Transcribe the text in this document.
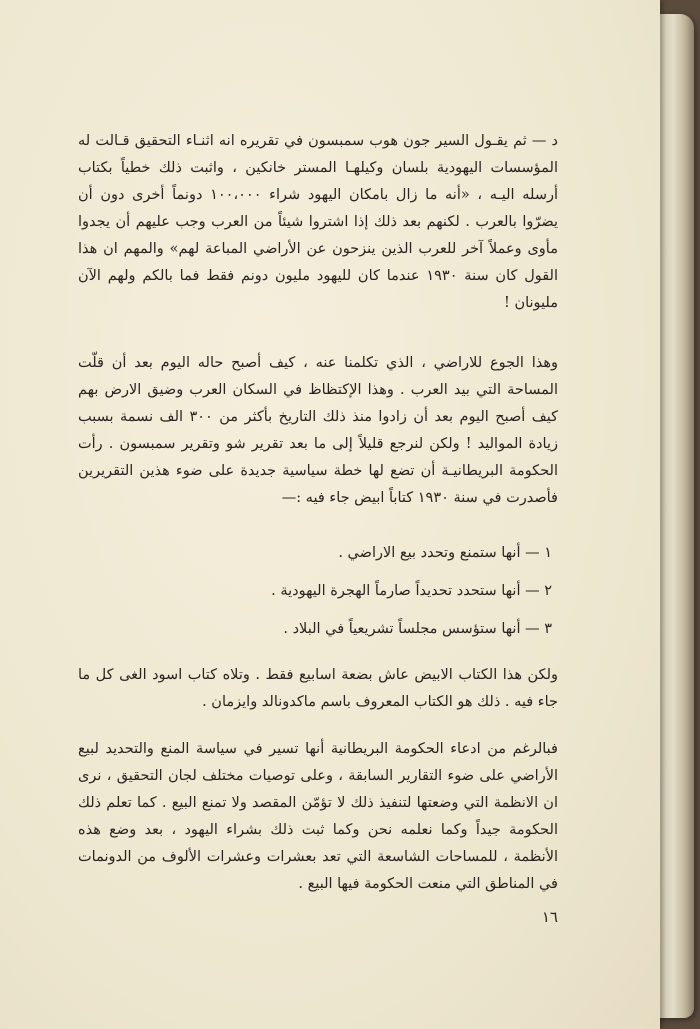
د — ثم يقـول السير جون هوب سمبسون في تقريره انه اثنـاء التحقيق قـالت له المؤسسات اليهودية بلسان وكيلهـا المستر خانكين ، واثبت ذلك خطياً بكتاب أرسله اليـه ، «أنه ما زال بامكان اليهود شراء ١٠٠،٠٠٠ دونماً أخرى دون أن يضرّوا بالعرب . لكنهم بعد ذلك إذا اشتروا شيئاً من العرب وجب عليهم أن يجدوا مأوى وعملاً آخر للعرب الذين ينزحون عن الأراضي المباعة لهم» والمهم ان هذا القول كان سنة ١٩٣٠ عندما كان لليهود مليون دونم فقط فما بالكم ولهم الآن مليونان !

وهذا الجوع للاراضي ، الذي تكلمنا عنه ، كيف أصبح حاله اليوم بعد أن قلّت المساحة التي بيد العرب . وهذا الإكتظاظ في السكان العرب وضيق الارض بهم كيف أصبح اليوم بعد أن زادوا منذ ذلك التاريخ بأكثر من ٣٠٠ الف نسمة بسبب زيادة المواليد ! ولكن لنرجع قليلاً إلى ما بعد تقرير شو وتقرير سمبسون . رأت الحكومة البريطانيـة أن تضع لها خطة سياسية جديدة على ضوء هذين التقريرين فأصدرت في سنة ١٩٣٠ كتاباً ابيض جاء فيه :—

١ — أنها ستمنع وتحدد بيع الاراضي .
٢ — أنها ستحدد تحديداً صارماً الهجرة اليهودية .
٣ — أنها ستؤسس مجلساً تشريعياً في البلاد .

ولكن هذا الكتاب الابيض عاش بضعة اسابيع فقط . وتلاه كتاب اسود الغى كل ما جاء فيه . ذلك هو الكتاب المعروف باسم ماكدونالد وايزمان .

فبالرغم من ادعاء الحكومة البريطانية أنها تسير في سياسة المنع والتحديد لبيع الأراضي على ضوء التقارير السابقة ، وعلى توصيات مختلف لجان التحقيق ، نرى ان الانظمة التي وضعتها لتنفيذ ذلك لا تؤمّن المقصد ولا تمنع البيع . كما تعلم ذلك الحكومة جيداً وكما نعلمه نحن وكما ثبت ذلك بشراء اليهود ، بعد وضع هذه الأنظمة ، للمساحات الشاسعة التي تعد بعشرات وعشرات الألوف من الدونمات في المناطق التي منعت الحكومة فيها البيع .

١٦
